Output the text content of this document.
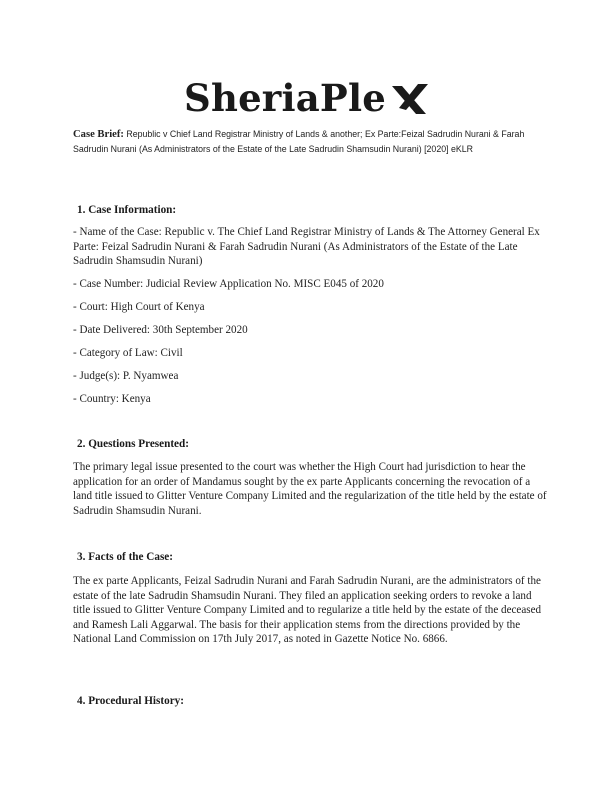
SheriaPle
Case Brief: Republic v Chief Land Registrar Ministry of Lands & another; Ex Parte:Feizal Sadrudin Nurani & Farah Sadrudin Nurani (As Administrators of the Estate of the Late Sadrudin Shamsudin Nurani) [2020] eKLR
1. Case Information:
- Name of the Case: Republic v. The Chief Land Registrar Ministry of Lands & The Attorney General Ex Parte: Feizal Sadrudin Nurani & Farah Sadrudin Nurani (As Administrators of the Estate of the Late Sadrudin Shamsudin Nurani)
- Case Number: Judicial Review Application No. MISC E045 of 2020
- Court: High Court of Kenya
- Date Delivered: 30th September 2020
- Category of Law: Civil
- Judge(s): P. Nyamwea
- Country: Kenya
2. Questions Presented:
The primary legal issue presented to the court was whether the High Court had jurisdiction to hear the application for an order of Mandamus sought by the ex parte Applicants concerning the revocation of a land title issued to Glitter Venture Company Limited and the regularization of the title held by the estate of Sadrudin Shamsudin Nurani.
3. Facts of the Case:
The ex parte Applicants, Feizal Sadrudin Nurani and Farah Sadrudin Nurani, are the administrators of the estate of the late Sadrudin Shamsudin Nurani. They filed an application seeking orders to revoke a land title issued to Glitter Venture Company Limited and to regularize a title held by the estate of the deceased and Ramesh Lali Aggarwal. The basis for their application stems from the directions provided by the National Land Commission on 17th July 2017, as noted in Gazette Notice No. 6866.
4. Procedural History:
